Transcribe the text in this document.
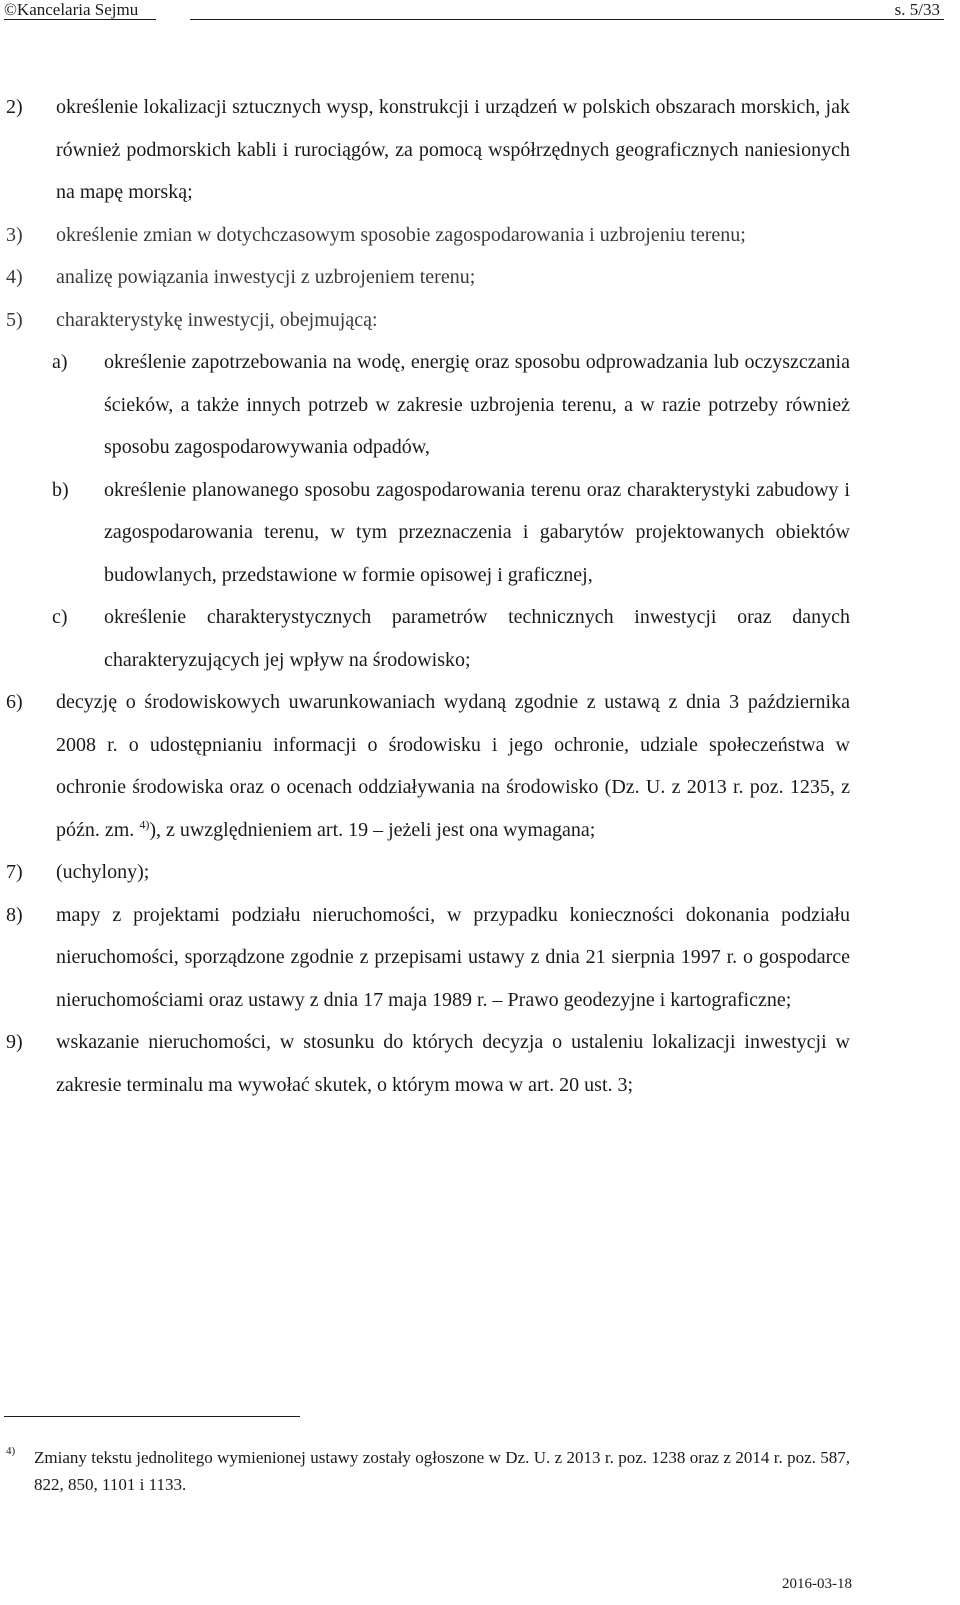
©Kancelaria Sejmu	s. 5/33
2)	określenie lokalizacji sztucznych wysp, konstrukcji i urządzeń w polskich obszarach morskich, jak również podmorskich kabli i rurociągów, za pomocą współrzędnych geograficznych naniesionych na mapę morską;
3)	określenie zmian w dotychczasowym sposobie zagospodarowania i uzbrojeniu terenu;
4)	analizę powiązania inwestycji z uzbrojeniem terenu;
5)	charakterystykę inwestycji, obejmującą:
a)	określenie zapotrzebowania na wodę, energię oraz sposobu odprowadzania lub oczyszczania ścieków, a także innych potrzeb w zakresie uzbrojenia terenu, a w razie potrzeby również sposobu zagospodarowywania odpadów,
b)	określenie planowanego sposobu zagospodarowania terenu oraz charakterystyki zabudowy i zagospodarowania terenu, w tym przeznaczenia i gabarytów projektowanych obiektów budowlanych, przedstawione w formie opisowej i graficznej,
c)	określenie charakterystycznych parametrów technicznych inwestycji oraz danych charakteryzujących jej wpływ na środowisko;
6)	decyzję o środowiskowych uwarunkowaniach wydaną zgodnie z ustawą z dnia 3 października 2008 r. o udostępnianiu informacji o środowisku i jego ochronie, udziale społeczeństwa w ochronie środowiska oraz o ocenach oddziaływania na środowisko (Dz. U. z 2013 r. poz. 1235, z późn. zm. $^{4)}$), z uwzględnieniem art. 19 – jeżeli jest ona wymagana;
7)	(uchylony);
8)	mapy z projektami podziału nieruchomości, w przypadku konieczności dokonania podziału nieruchomości, sporządzone zgodnie z przepisami ustawy z dnia 21 sierpnia 1997 r. o gospodarce nieruchomościami oraz ustawy z dnia 17 maja 1989 r. – Prawo geodezyjne i kartograficzne;
9)	wskazanie nieruchomości, w stosunku do których decyzja o ustaleniu lokalizacji inwestycji w zakresie terminalu ma wywołać skutek, o którym mowa w art. 20 ust. 3;
4)	Zmiany tekstu jednolitego wymienionej ustawy zostały ogłoszone w Dz. U. z 2013 r. poz. 1238 oraz z 2014 r. poz. 587, 822, 850, 1101 i 1133.
2016-03-18
